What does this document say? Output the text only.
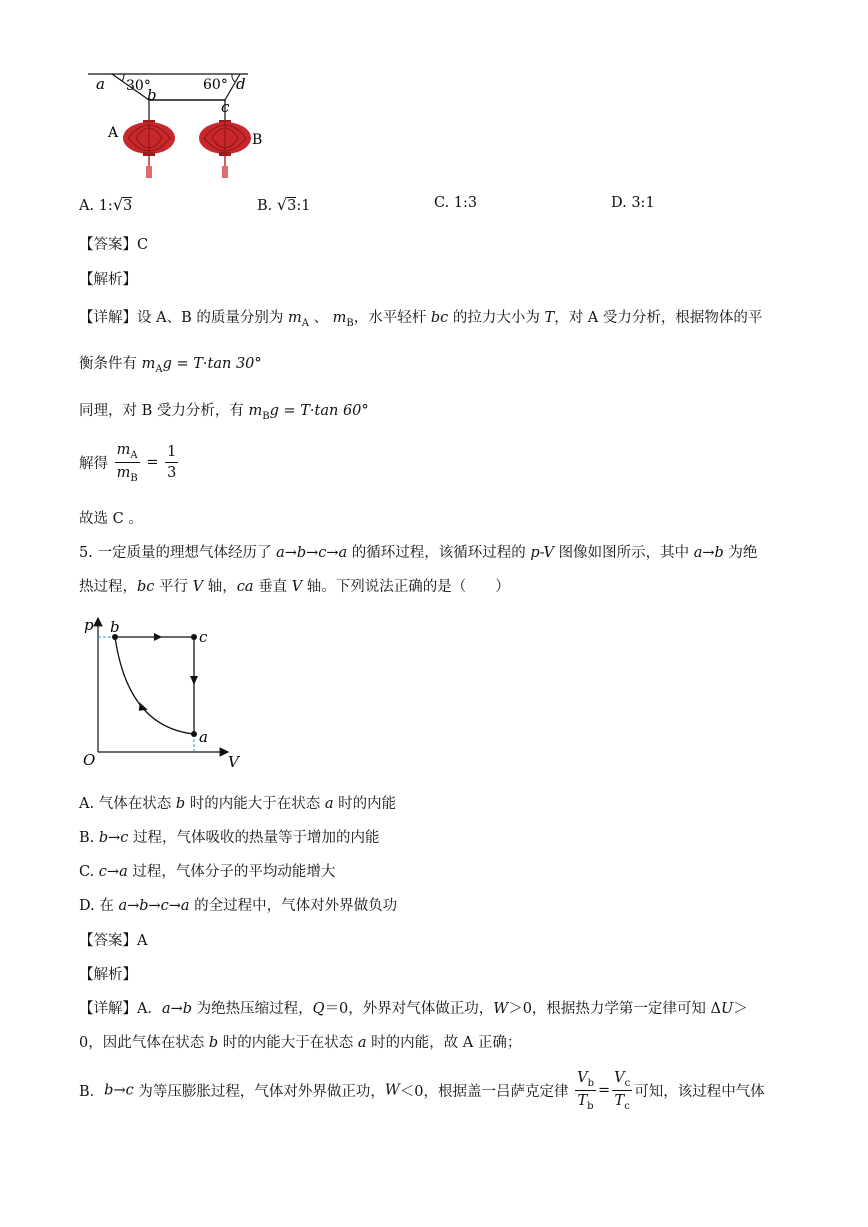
a 30°
b
60° d
c
A	B
A. 1:√3	B. √3:1	C. 1:3	D. 3:1
【答案】C
【解析】
【详解】设 A、B 的质量分别为 $m_A$ 、 $m_B$，水平轻杆 bc 的拉力大小为 T，对 A 受力分析，根据物体的平
衡条件有 $m_Ag = T\cdot\tan$ 30°
同理，对 B 受力分析，有 $m_Bg = T\cdot\tan$ 60°
解得 $\frac{m_A}{m_B} = \frac{1}{3}$
故选 C 。
5. 一定质量的理想气体经历了 a→b→c→a 的循环过程，该循环过程的 p-V 图像如图所示，其中 a→b 为绝
热过程，bc 平行 V 轴，ca 垂直 V 轴。下列说法正确的是（　　）
p
V
O
b
c
a
A. 气体在状态 b 时的内能大于在状态 a 时的内能
B. b→c 过程，气体吸收的热量等于增加的内能
C. c→a 过程，气体分子的平均动能增大
D. 在 a→b→c→a 的全过程中，气体对外界做负功
【答案】A
【解析】
【详解】A．a→b 为绝热压缩过程，Q＝0，外界对气体做正功，W＞0，根据热力学第一定律可知 ΔU＞
0，因此气体在状态 b 时的内能大于在状态 a 时的内能，故 A 正确；
B．b→c 为等压膨胀过程，气体对外界做正功，W＜0，根据盖一吕萨克定律 $\frac{V_b}{T_b} = \frac{V_c}{T_c}$ 可知，该过程中气体
